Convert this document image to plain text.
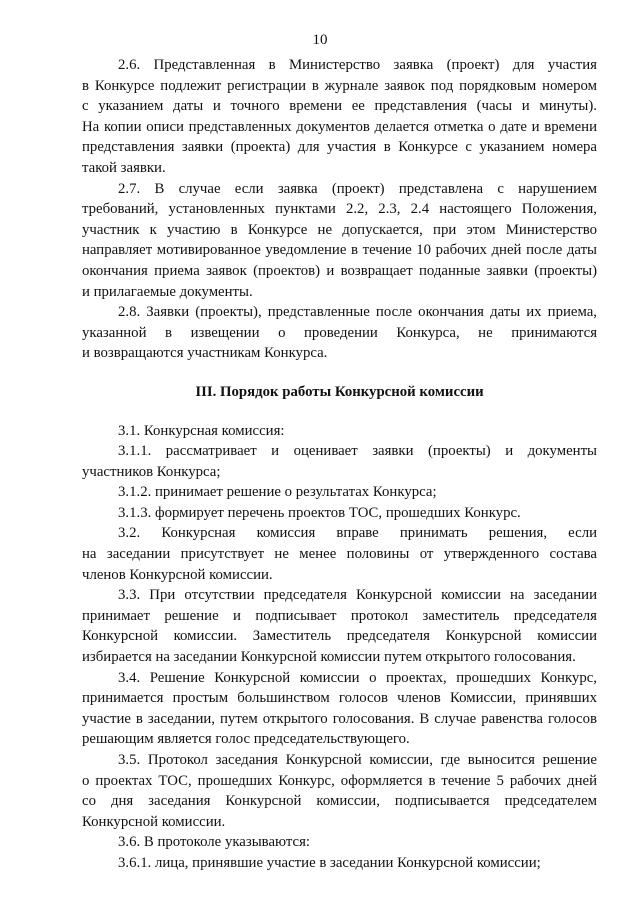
10
2.6. Представленная в Министерство заявка (проект) для участия
в Конкурсе подлежит регистрации в журнале заявок под порядковым номером
с указанием даты и точного времени ее представления (часы и минуты).
На копии описи представленных документов делается отметка о дате и времени
представления заявки (проекта) для участия в Конкурсе с указанием номера
такой заявки.
2.7. В случае если заявка (проект) представлена с нарушением
требований, установленных пунктами 2.2, 2.3, 2.4 настоящего Положения,
участник к участию в Конкурсе не допускается, при этом Министерство
направляет мотивированное уведомление в течение 10 рабочих дней после даты
окончания приема заявок (проектов) и возвращает поданные заявки (проекты)
и прилагаемые документы.
2.8. Заявки (проекты), представленные после окончания даты их приема,
указанной в извещении о проведении Конкурса, не принимаются
и возвращаются участникам Конкурса.
III. Порядок работы Конкурсной комиссии
3.1. Конкурсная комиссия:
3.1.1. рассматривает и оценивает заявки (проекты) и документы
участников Конкурса;
3.1.2. принимает решение о результатах Конкурса;
3.1.3. формирует перечень проектов ТОС, прошедших Конкурс.
3.2. Конкурсная комиссия вправе принимать решения, если
на заседании присутствует не менее половины от утвержденного состава
членов Конкурсной комиссии.
3.3. При отсутствии председателя Конкурсной комиссии на заседании
принимает решение и подписывает протокол заместитель председателя
Конкурсной комиссии. Заместитель председателя Конкурсной комиссии
избирается на заседании Конкурсной комиссии путем открытого голосования.
3.4. Решение Конкурсной комиссии о проектах, прошедших Конкурс,
принимается простым большинством голосов членов Комиссии, принявших
участие в заседании, путем открытого голосования. В случае равенства голосов
решающим является голос председательствующего.
3.5. Протокол заседания Конкурсной комиссии, где выносится решение
о проектах ТОС, прошедших Конкурс, оформляется в течение 5 рабочих дней
со дня заседания Конкурсной комиссии, подписывается председателем
Конкурсной комиссии.
3.6. В протоколе указываются:
3.6.1. лица, принявшие участие в заседании Конкурсной комиссии;
